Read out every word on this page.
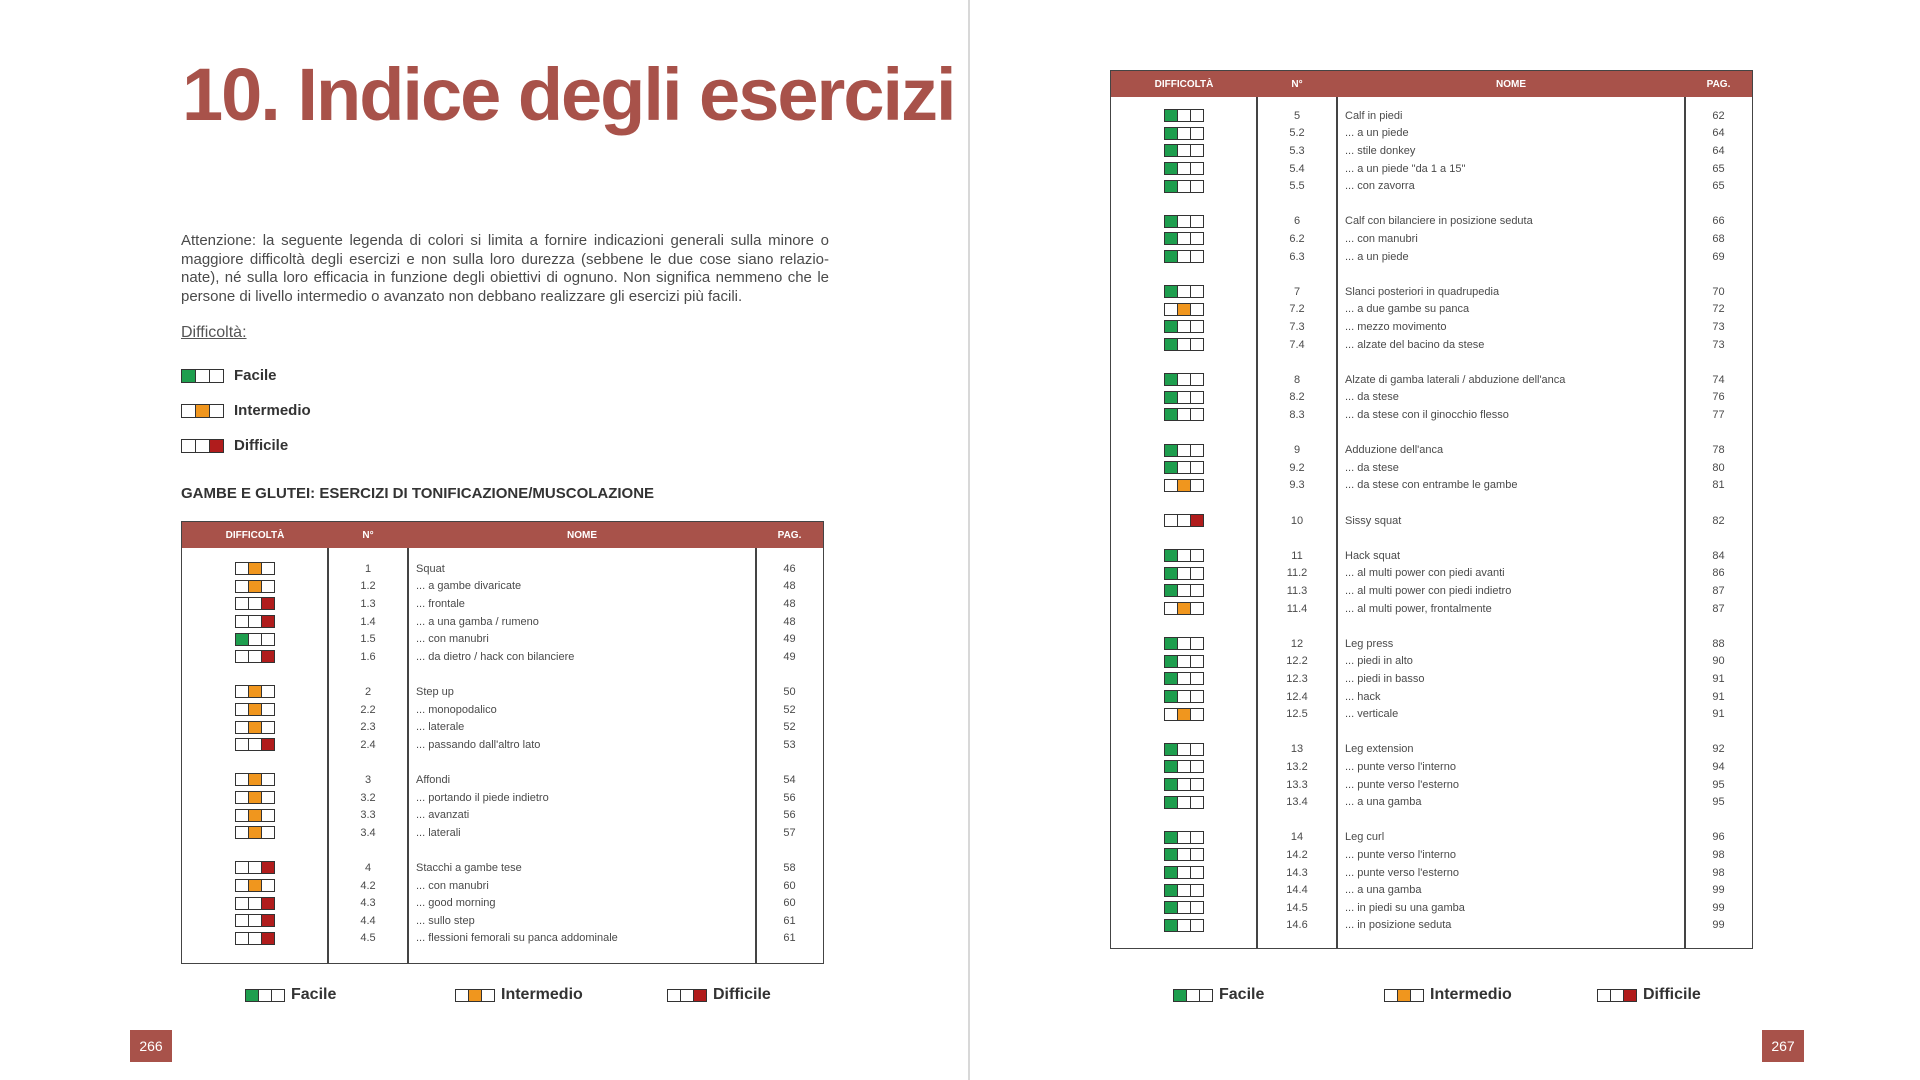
10. Indice degli esercizi

Attenzione: la seguente legenda di colori si limita a fornire indicazioni generali sulla minore o maggiore difficoltà degli esercizi e non sulla loro durezza (sebbene le due cose siano relazio-nate), né sulla loro efficacia in funzione degli obiettivi di ognuno. Non significa nemmeno che le persone di livello intermedio o avanzato non debbano realizzare gli esercizi più facili.

Difficoltà:
Facile
Intermedio
Difficile
GAMBE E GLUTEI: ESERCIZI DI TONIFICAZIONE/MUSCOLAZIONE
DIFFICOLTÀ	N°	NOME	PAG.
1	Squat	46
1.2	... a gambe divaricate	48
1.3	... frontale	48
1.4	... a una gamba / rumeno	48
1.5	... con manubri	49
1.6	... da dietro / hack con bilanciere	49
2	Step up	50
2.2	... monopodalico	52
2.3	... laterale	52
2.4	... passando dall'altro lato	53
3	Affondi	54
3.2	... portando il piede indietro	56
3.3	... avanzati	56
3.4	... laterali	57
4	Stacchi a gambe tese	58
4.2	... con manubri	60
4.3	... good morning	60
4.4	... sullo step	61
4.5	... flessioni femorali su panca addominale	61
DIFFICOLTÀ	N°	NOME	PAG.
5	Calf in piedi	62
5.2	... a un piede	64
5.3	... stile donkey	64
5.4	... a un piede "da 1 a 15"	65
5.5	... con zavorra	65
6	Calf con bilanciere in posizione seduta	66
6.2	... con manubri	68
6.3	... a un piede	69
7	Slanci posteriori in quadrupedia	70
7.2	... a due gambe su panca	72
7.3	... mezzo movimento	73
7.4	... alzate del bacino da stese	73
8	Alzate di gamba laterali / abduzione dell'anca	74
8.2	... da stese	76
8.3	... da stese con il ginocchio flesso	77
9	Adduzione dell'anca	78
9.2	... da stese	80
9.3	... da stese con entrambe le gambe	81
10	Sissy squat	82
11	Hack squat	84
11.2	... al multi power con piedi avanti	86
11.3	... al multi power con piedi indietro	87
11.4	... al multi power, frontalmente	87
12	Leg press	88
12.2	... piedi in alto	90
12.3	... piedi in basso	91
12.4	... hack	91
12.5	... verticale	91
13	Leg extension	92
13.2	... punte verso l'interno	94
13.3	... punte verso l'esterno	95
13.4	... a una gamba	95
14	Leg curl	96
14.2	... punte verso l'interno	98
14.3	... punte verso l'esterno	98
14.4	... a una gamba	99
14.5	... in piedi su una gamba	99
14.6	... in posizione seduta	99
Facile	Intermedio	Difficile	Facile	Intermedio	Difficile
266	267
